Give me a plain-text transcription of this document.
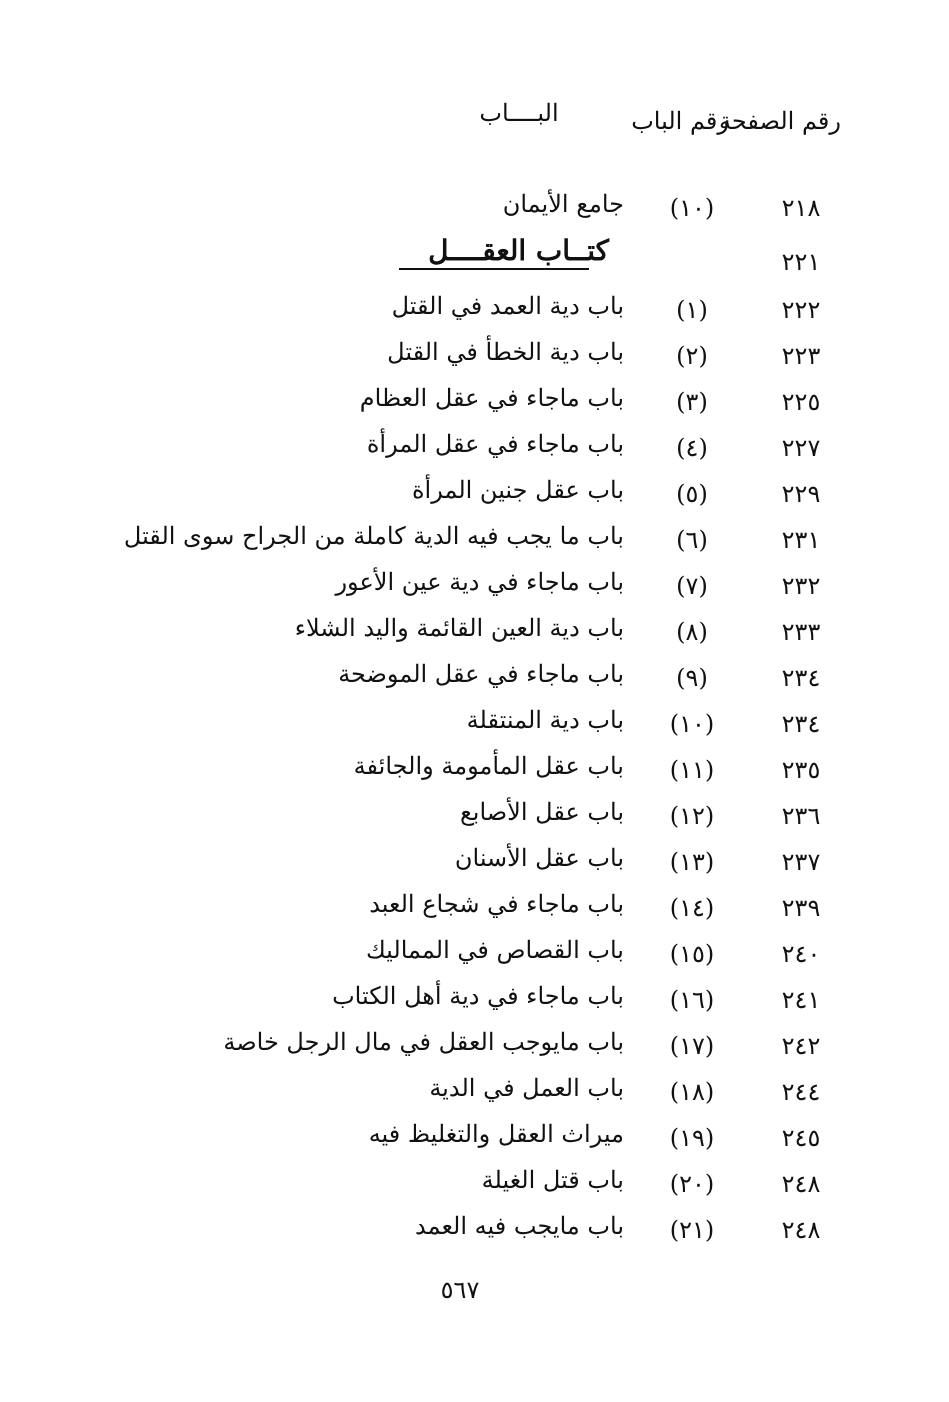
رقم الصفحة
رقم الباب
البــــاب
٢١٨
(١٠)
جامع الأيمان
٢٢١
كتــاب العقــــل
٢٢٢
(١)
باب دية العمد في القتل
٢٢٣
(٢)
باب دية الخطأ في القتل
٢٢٥
(٣)
باب ماجاء في عقل العظام
٢٢٧
(٤)
باب ماجاء في عقل المرأة
٢٢٩
(٥)
باب عقل جنين المرأة
٢٣١
(٦)
باب ما يجب فيه الدية كاملة من الجراح سوى القتل
٢٣٢
(٧)
باب ماجاء في دية عين الأعور
٢٣٣
(٨)
باب دية العين القائمة واليد الشلاء
٢٣٤
(٩)
باب ماجاء في عقل الموضحة
٢٣٤
(١٠)
باب دية المنتقلة
٢٣٥
(١١)
باب عقل المأمومة والجائفة
٢٣٦
(١٢)
باب عقل الأصابع
٢٣٧
(١٣)
باب عقل الأسنان
٢٣٩
(١٤)
باب ماجاء في شجاع العبد
٢٤٠
(١٥)
باب القصاص في المماليك
٢٤١
(١٦)
باب ماجاء في دية أهل الكتاب
٢٤٢
(١٧)
باب مايوجب العقل في مال الرجل خاصة
٢٤٤
(١٨)
باب العمل في الدية
٢٤٥
(١٩)
ميراث العقل والتغليظ فيه
٢٤٨
(٢٠)
باب قتل الغيلة
٢٤٨
(٢١)
باب مايجب فيه العمد
٥٦٧
